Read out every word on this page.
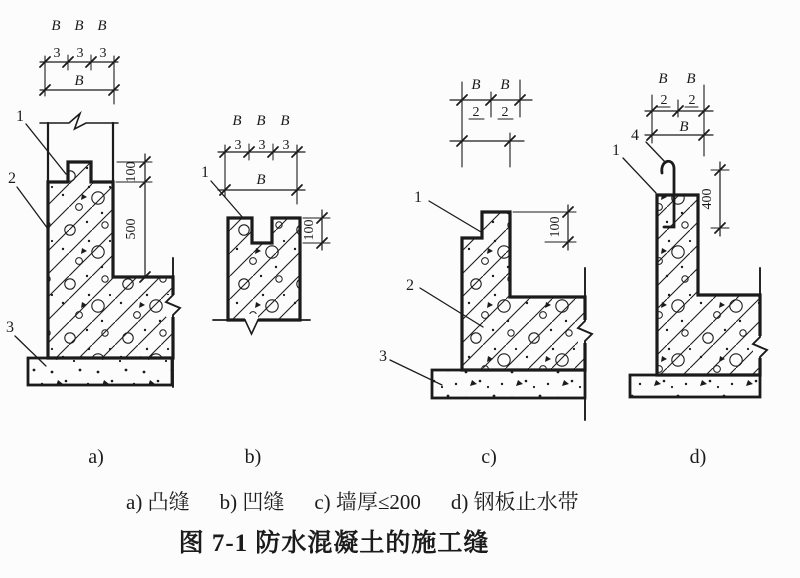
B B B
3 3 3
B
100
500
1
2
3
a)
B B B
3 3 3
B
100
1
b)
B B
2 2
100
1
2
3
c)
B B
2 2
B
400
4
1
d)
a) 凸缝 b) 凹缝 c) 墙厚≤200 d) 钢板止水带
图 7-1 防水混凝土的施工缝
